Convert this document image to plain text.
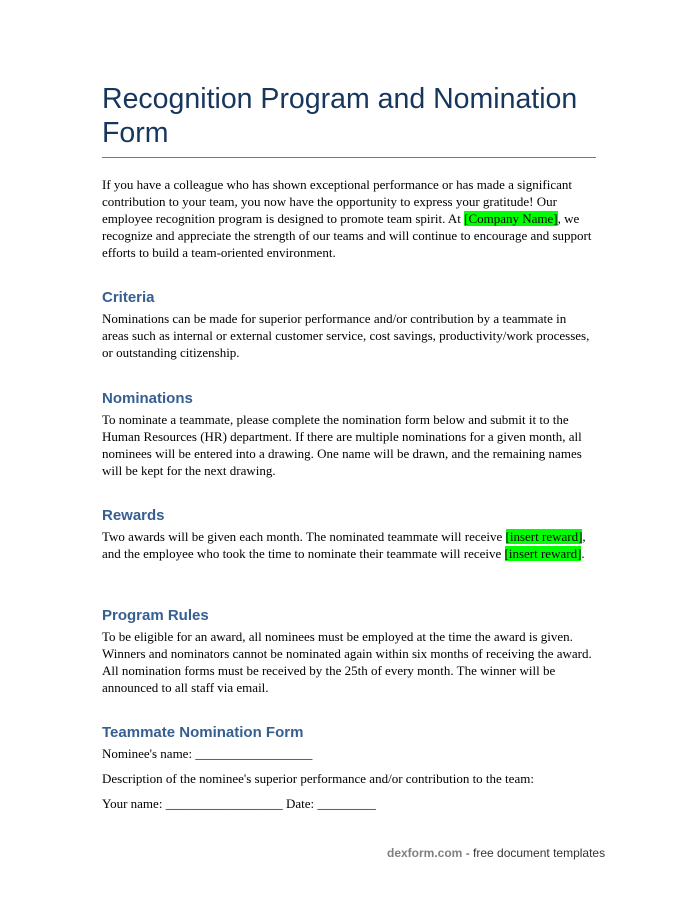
Recognition Program and Nomination Form

If you have a colleague who has shown exceptional performance or has made a significant contribution to your team, you now have the opportunity to express your gratitude! Our employee recognition program is designed to promote team spirit. At [Company Name], we recognize and appreciate the strength of our teams and will continue to encourage and support efforts to build a team-oriented environment.

Criteria

Nominations can be made for superior performance and/or contribution by a teammate in areas such as internal or external customer service, cost savings, productivity/work processes, or outstanding citizenship.

Nominations

To nominate a teammate, please complete the nomination form below and submit it to the Human Resources (HR) department. If there are multiple nominations for a given month, all nominees will be entered into a drawing. One name will be drawn, and the remaining names will be kept for the next drawing.

Rewards

Two awards will be given each month. The nominated teammate will receive [insert reward], and the employee who took the time to nominate their teammate will receive [insert reward].

Program Rules

To be eligible for an award, all nominees must be employed at the time the award is given. Winners and nominators cannot be nominated again within six months of receiving the award. All nomination forms must be received by the 25th of every month. The winner will be announced to all staff via email.

Teammate Nomination Form

Nominee's name: __________________

Description of the nominee's superior performance and/or contribution to the team:

Your name: __________________ Date: _________

dexform.com - free document templates
